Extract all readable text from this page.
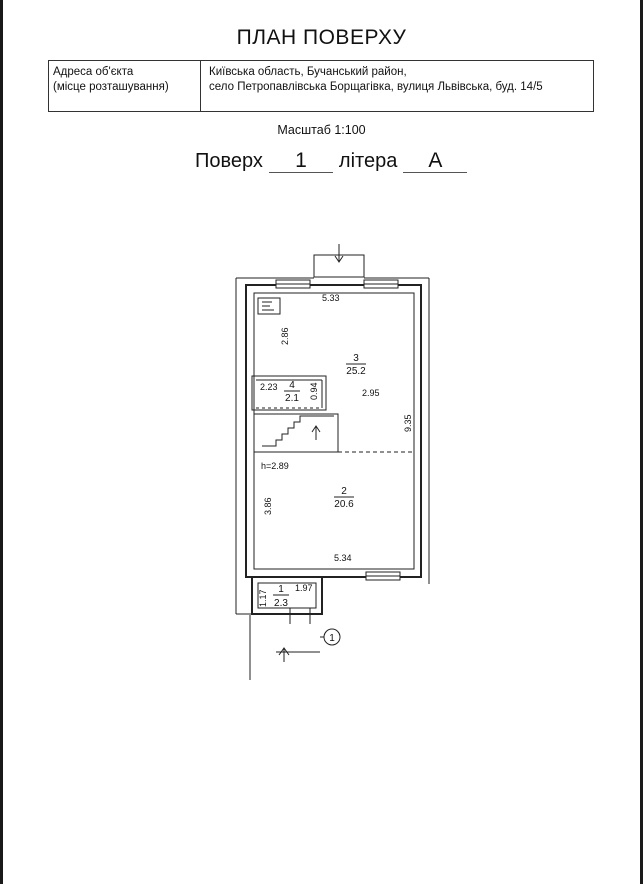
ПЛАН ПОВЕРХУ
Адреса об'єкта
(місце розташування)
Київська область, Бучанський район,
село Петропавлівська Борщагівка, вулиця Львівська, буд. 14/5
Масштаб 1:100
Поверх	1	літера	А
5.33
2.86
2.23	0.94	2.95
9.35
h=2.89
3.86
5.34
1.17
1.97
3
25.2
4
2.1
2
20.6
1
2.3
1
